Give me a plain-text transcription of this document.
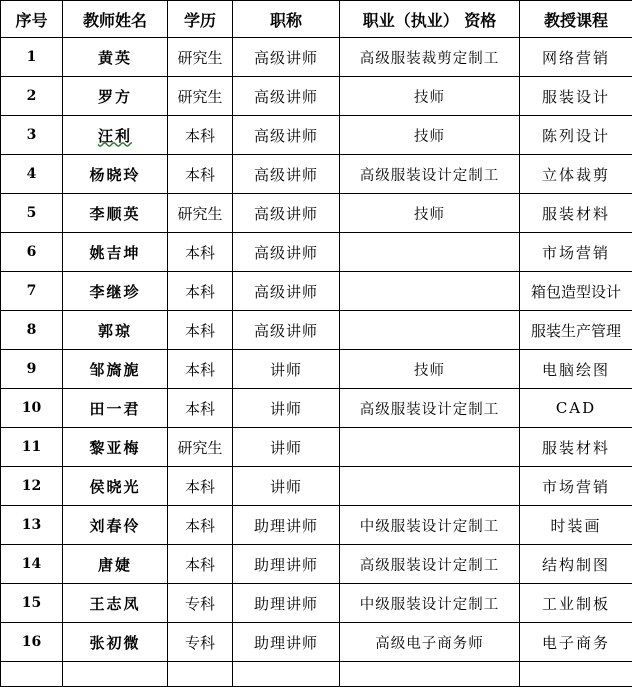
序号	教师姓名	学历	职称	职业（执业） 资格	教授课程
1	黄英	研究生	高级讲师	高级服装裁剪定制工	网络营销
2	罗方	研究生	高级讲师	技师	服装设计
3	汪利	本科	高级讲师	技师	陈列设计
4	杨晓玲	本科	高级讲师	高级服装设计定制工	立体裁剪
5	李顺英	研究生	高级讲师	技师	服装材料
6	姚吉坤	本科	高级讲师		市场营销
7	李继珍	本科	高级讲师		箱包造型设计
8	郭琼	本科	高级讲师		服装生产管理
9	邹旖旎	本科	讲师	技师	电脑绘图
10	田一君	本科	讲师	高级服装设计定制工	CAD
11	黎亚梅	研究生	讲师		服装材料
12	侯晓光	本科	讲师		市场营销
13	刘春伶	本科	助理讲师	中级服装设计定制工	时装画
14	唐婕	本科	助理讲师	高级服装设计定制工	结构制图
15	王志凤	专科	助理讲师	中级服装设计定制工	工业制板
16	张初微	专科	助理讲师	高级电子商务师	电子商务
